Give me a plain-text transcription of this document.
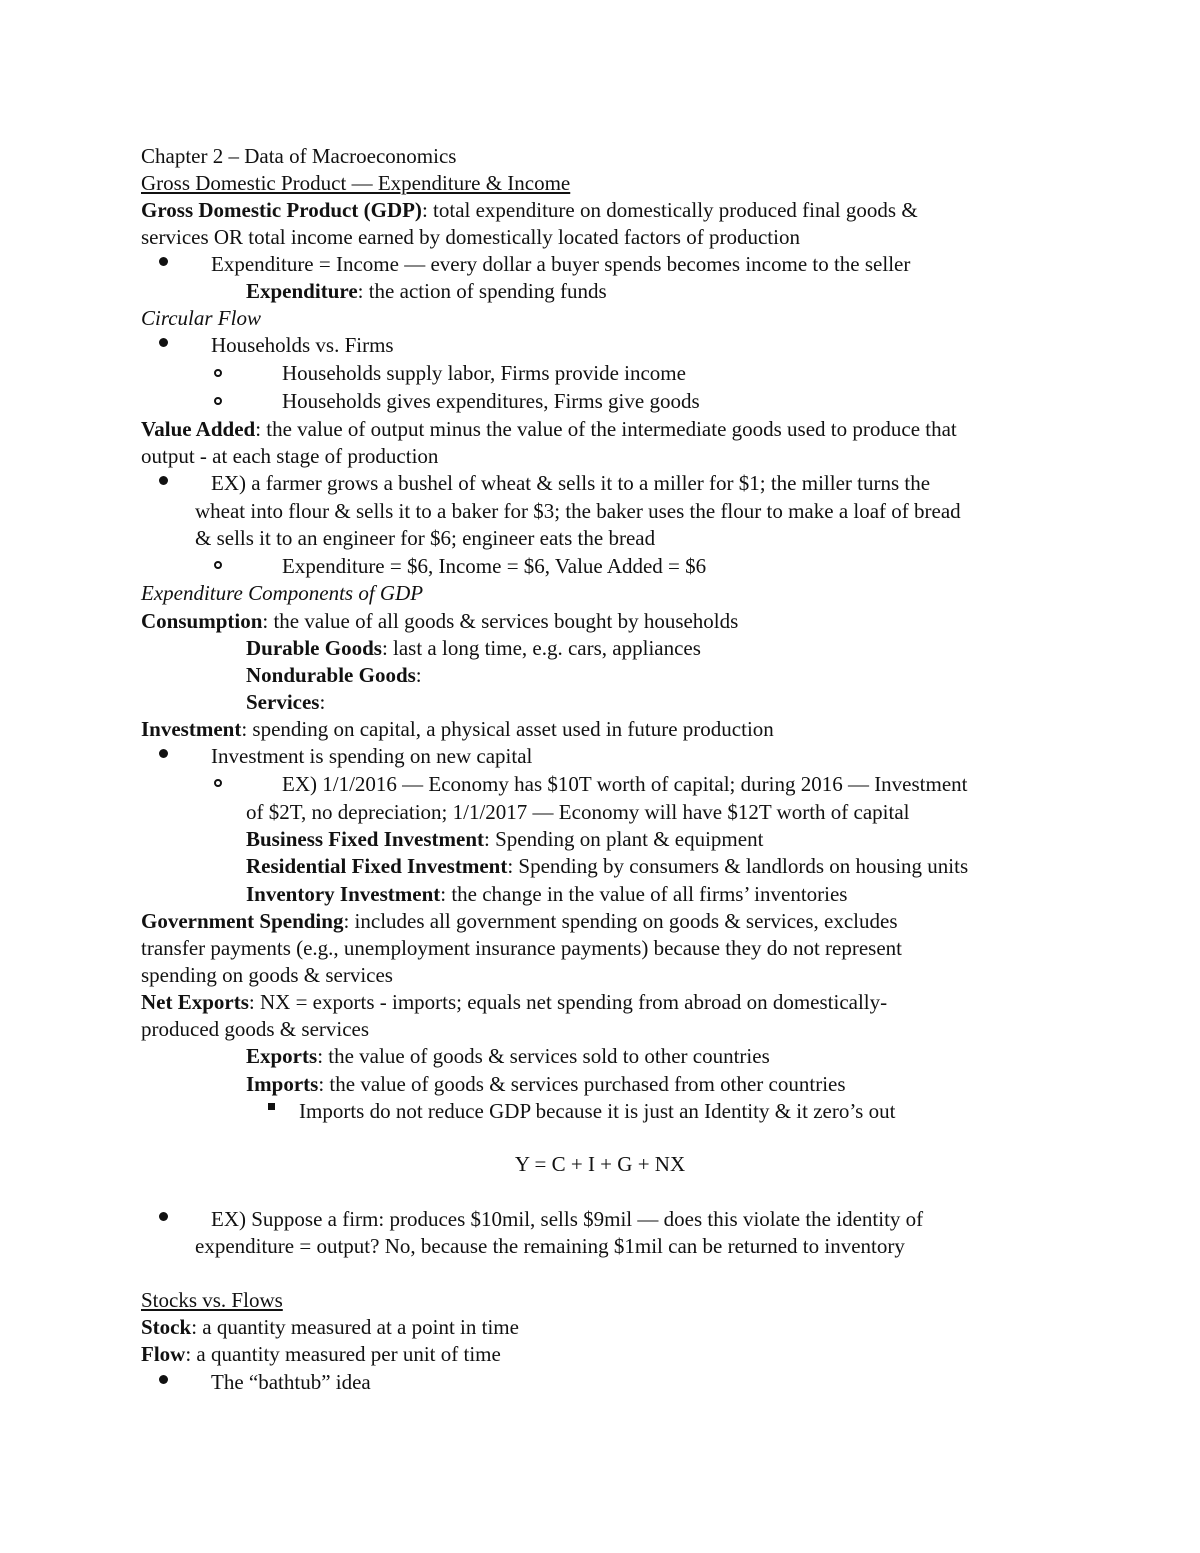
Chapter 2 – Data of Macroeconomics
Gross Domestic Product — Expenditure & Income
Gross Domestic Product (GDP): total expenditure on domestically produced final goods &
services OR total income earned by domestically located factors of production
Expenditure = Income — every dollar a buyer spends becomes income to the seller
Expenditure: the action of spending funds
Circular Flow
Households vs. Firms
Households supply labor, Firms provide income
Households gives expenditures, Firms give goods
Value Added: the value of output minus the value of the intermediate goods used to produce that
output - at each stage of production
EX) a farmer grows a bushel of wheat & sells it to a miller for $1; the miller turns the
wheat into flour & sells it to a baker for $3; the baker uses the flour to make a loaf of bread
& sells it to an engineer for $6; engineer eats the bread
Expenditure = $6, Income = $6, Value Added = $6
Expenditure Components of GDP
Consumption: the value of all goods & services bought by households
Durable Goods: last a long time, e.g. cars, appliances
Nondurable Goods:
Services:
Investment: spending on capital, a physical asset used in future production
Investment is spending on new capital
EX) 1/1/2016 — Economy has $10T worth of capital; during 2016 — Investment
of $2T, no depreciation; 1/1/2017 — Economy will have $12T worth of capital
Business Fixed Investment: Spending on plant & equipment
Residential Fixed Investment: Spending by consumers & landlords on housing units
Inventory Investment: the change in the value of all firms’ inventories
Government Spending: includes all government spending on goods & services, excludes
transfer payments (e.g., unemployment insurance payments) because they do not represent
spending on goods & services
Net Exports: NX = exports - imports; equals net spending from abroad on domestically-
produced goods & services
Exports: the value of goods & services sold to other countries
Imports: the value of goods & services purchased from other countries
Imports do not reduce GDP because it is just an Identity & it zero’s out
Y = C + I + G + NX
EX) Suppose a firm: produces $10mil, sells $9mil — does this violate the identity of
expenditure = output? No, because the remaining $1mil can be returned to inventory
Stocks vs. Flows
Stock: a quantity measured at a point in time
Flow: a quantity measured per unit of time
The “bathtub” idea
